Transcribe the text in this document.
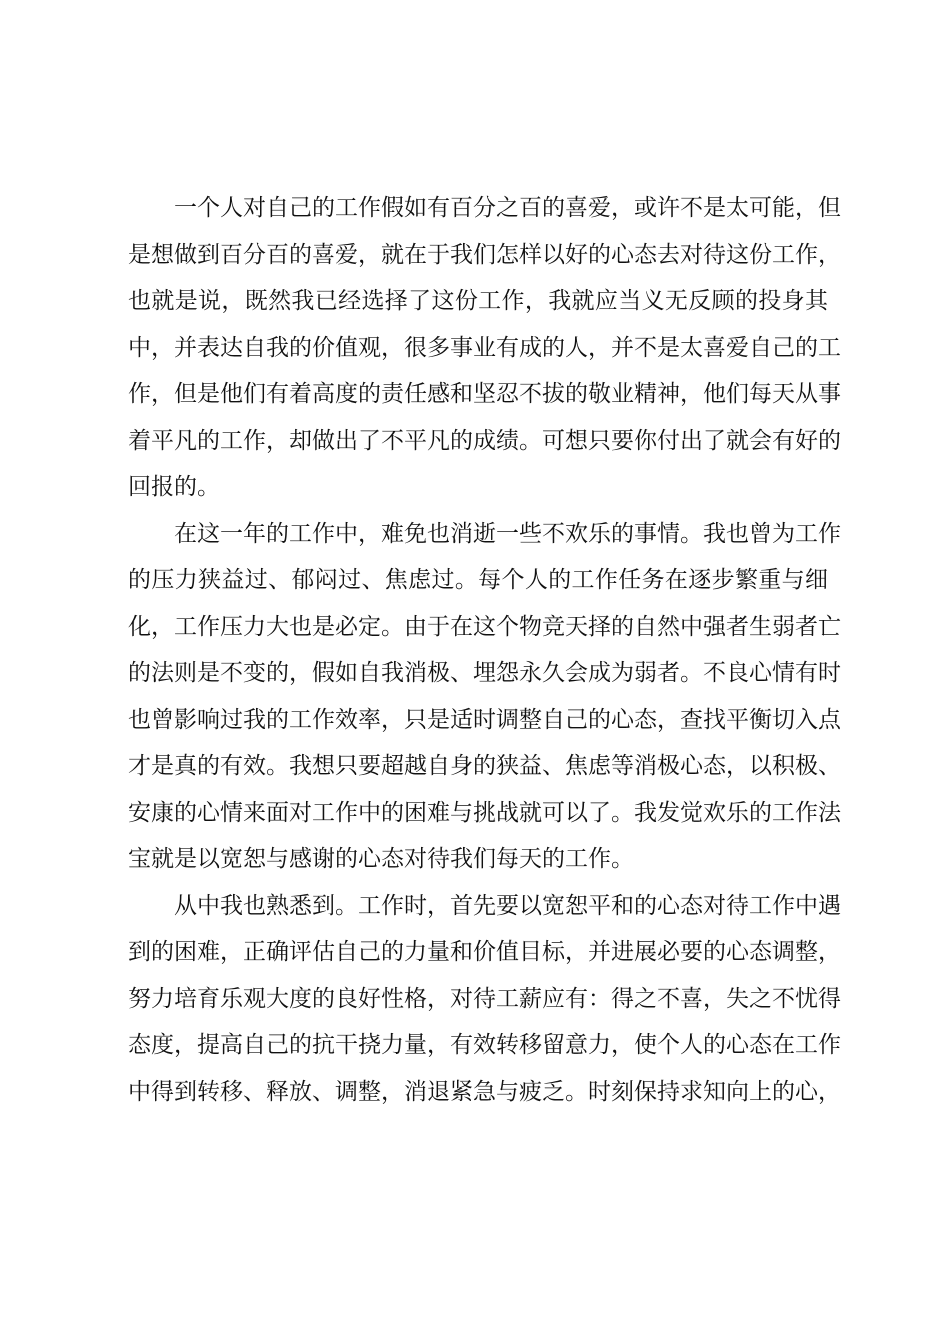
一个人对自己的工作假如有百分之百的喜爱，或许不是太可能，但
是想做到百分百的喜爱，就在于我们怎样以好的心态去对待这份工作，
也就是说，既然我已经选择了这份工作，我就应当义无反顾的投身其
中，并表达自我的价值观，很多事业有成的人，并不是太喜爱自己的工
作，但是他们有着高度的责任感和坚忍不拔的敬业精神，他们每天从事
着平凡的工作，却做出了不平凡的成绩。可想只要你付出了就会有好的
回报的。
在这一年的工作中，难免也消逝一些不欢乐的事情。我也曾为工作
的压力狭益过、郁闷过、焦虑过。每个人的工作任务在逐步繁重与细
化，工作压力大也是必定。由于在这个物竞天择的自然中强者生弱者亡
的法则是不变的，假如自我消极、埋怨永久会成为弱者。不良心情有时
也曾影响过我的工作效率，只是适时调整自己的心态，查找平衡切入点
才是真的有效。我想只要超越自身的狭益、焦虑等消极心态，以积极、
安康的心情来面对工作中的困难与挑战就可以了。我发觉欢乐的工作法
宝就是以宽恕与感谢的心态对待我们每天的工作。
从中我也熟悉到。工作时，首先要以宽恕平和的心态对待工作中遇
到的困难，正确评估自己的力量和价值目标，并进展必要的心态调整，
努力培育乐观大度的良好性格，对待工薪应有：得之不喜，失之不忧得
态度，提高自己的抗干挠力量，有效转移留意力，使个人的心态在工作
中得到转移、释放、调整，消退紧急与疲乏。时刻保持求知向上的心，
